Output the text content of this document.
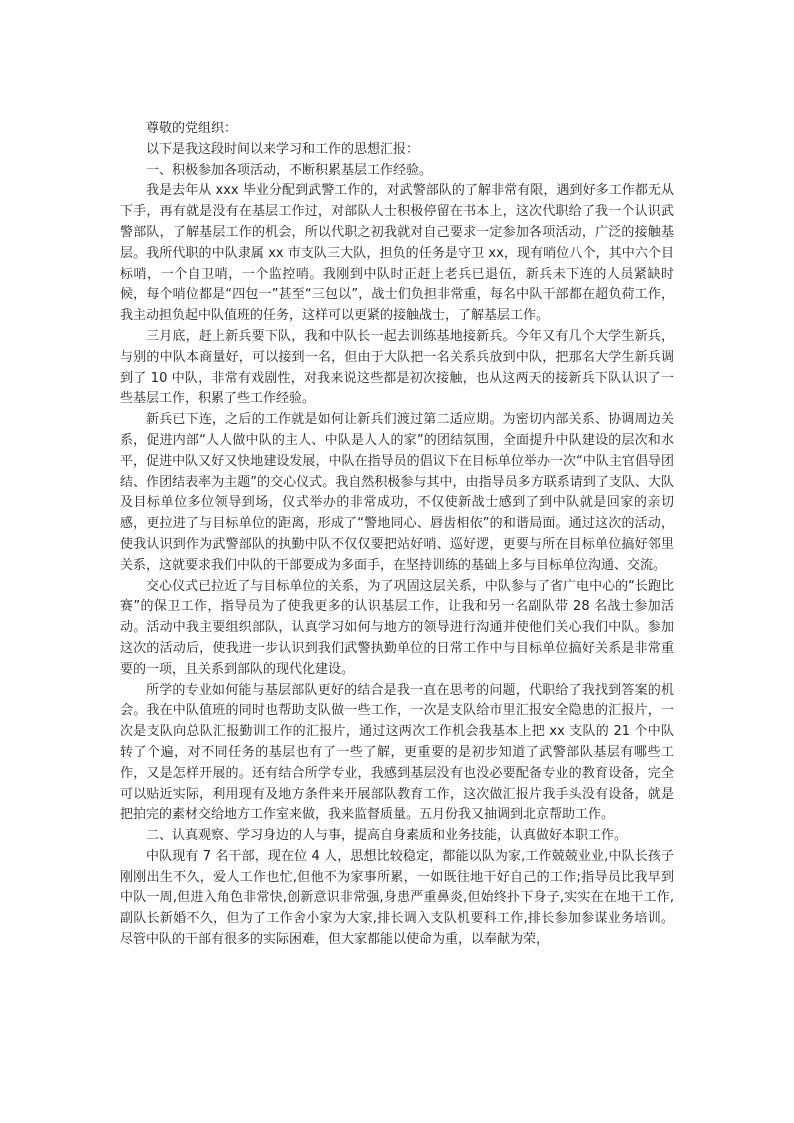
尊敬的党组织：

以下是我这段时间以来学习和工作的思想汇报：

一、积极参加各项活动，不断积累基层工作经验。

我是去年从 xxx 毕业分配到武警工作的，对武警部队的了解非常有限，遇到好多工作都无从下手，再有就是没有在基层工作过，对部队人士积极停留在书本上，这次代职给了我一个认识武警部队，了解基层工作的机会，所以代职之初我就对自己要求一定参加各项活动，广泛的接触基层。我所代职的中队隶属 xx 市支队三大队，担负的任务是守卫 xx，现有哨位八个，其中六个目标哨，一个自卫哨，一个监控哨。我刚到中队时正赶上老兵已退伍，新兵未下连的人员紧缺时候，每个哨位都是“四包一”甚至“三包以”，战士们负担非常重，每名中队干部都在超负荷工作，我主动担负起中队值班的任务，这样可以更紧的接触战士，了解基层工作。

三月底，赶上新兵要下队，我和中队长一起去训练基地接新兵。今年又有几个大学生新兵，与别的中队本商量好，可以接到一名，但由于大队把一名关系兵放到中队，把那名大学生新兵调到了 10 中队，非常有戏剧性，对我来说这些都是初次接触，也从这两天的接新兵下队认识了一些基层工作，积累了些工作经验。

新兵已下连，之后的工作就是如何让新兵们渡过第二适应期。为密切内部关系、协调周边关系，促进内部“人人做中队的主人、中队是人人的家”的团结氛围，全面提升中队建设的层次和水平，促进中队又好又快地建设发展，中队在指导员的倡议下在目标单位举办一次“中队主官倡导团结、作团结表率为主题”的交心仪式。我自然积极参与其中，由指导员多方联系请到了支队、大队及目标单位多位领导到场，仪式举办的非常成功，不仅使新战士感到了到中队就是回家的亲切感，更拉进了与目标单位的距离，形成了“警地同心、唇齿相依”的和谐局面。通过这次的活动，使我认识到作为武警部队的执勤中队不仅仅要把站好哨、巡好逻，更要与所在目标单位搞好邻里关系，这就要求我们中队的干部要成为多面手，在坚持训练的基础上多与目标单位沟通、交流。

交心仪式已拉近了与目标单位的关系，为了巩固这层关系，中队参与了省广电中心的“长跑比赛”的保卫工作，指导员为了使我更多的认识基层工作，让我和另一名副队带 28 名战士参加活动。活动中我主要组织部队，认真学习如何与地方的领导进行沟通并使他们关心我们中队。参加这次的活动后，使我进一步认识到我们武警执勤单位的日常工作中与目标单位搞好关系是非常重要的一项，且关系到部队的现代化建设。

所学的专业如何能与基层部队更好的结合是我一直在思考的问题，代职给了我找到答案的机会。我在中队值班的同时也帮助支队做一些工作，一次是支队给市里汇报安全隐患的汇报片，一次是支队向总队汇报勤训工作的汇报片，通过这两次工作机会我基本上把 xx 支队的 21 个中队转了个遍，对不同任务的基层也有了一些了解，更重要的是初步知道了武警部队基层有哪些工作，又是怎样开展的。还有结合所学专业，我感到基层没有也没必要配备专业的教育设备，完全可以贴近实际，利用现有及地方条件来开展部队教育工作，这次做汇报片我手头没有设备，就是把拍完的素材交给地方工作室来做，我来监督质量。五月份我又抽调到北京帮助工作。

二、认真观察、学习身边的人与事，提高自身素质和业务技能，认真做好本职工作。

中队现有 7 名干部，现在位 4 人，思想比较稳定，都能以队为家,工作兢兢业业,中队长孩子刚刚出生不久，爱人工作也忙,但他不为家事所累，一如既往地干好自己的工作;指导员比我早到中队一周,但进入角色非常快,创新意识非常强,身患严重鼻炎,但始终扑下身子,实实在在地干工作,副队长新婚不久，但为了工作舍小家为大家,排长调入支队机要科工作,排长参加参谋业务培训。尽管中队的干部有很多的实际困难，但大家都能以使命为重，以奉献为荣，
